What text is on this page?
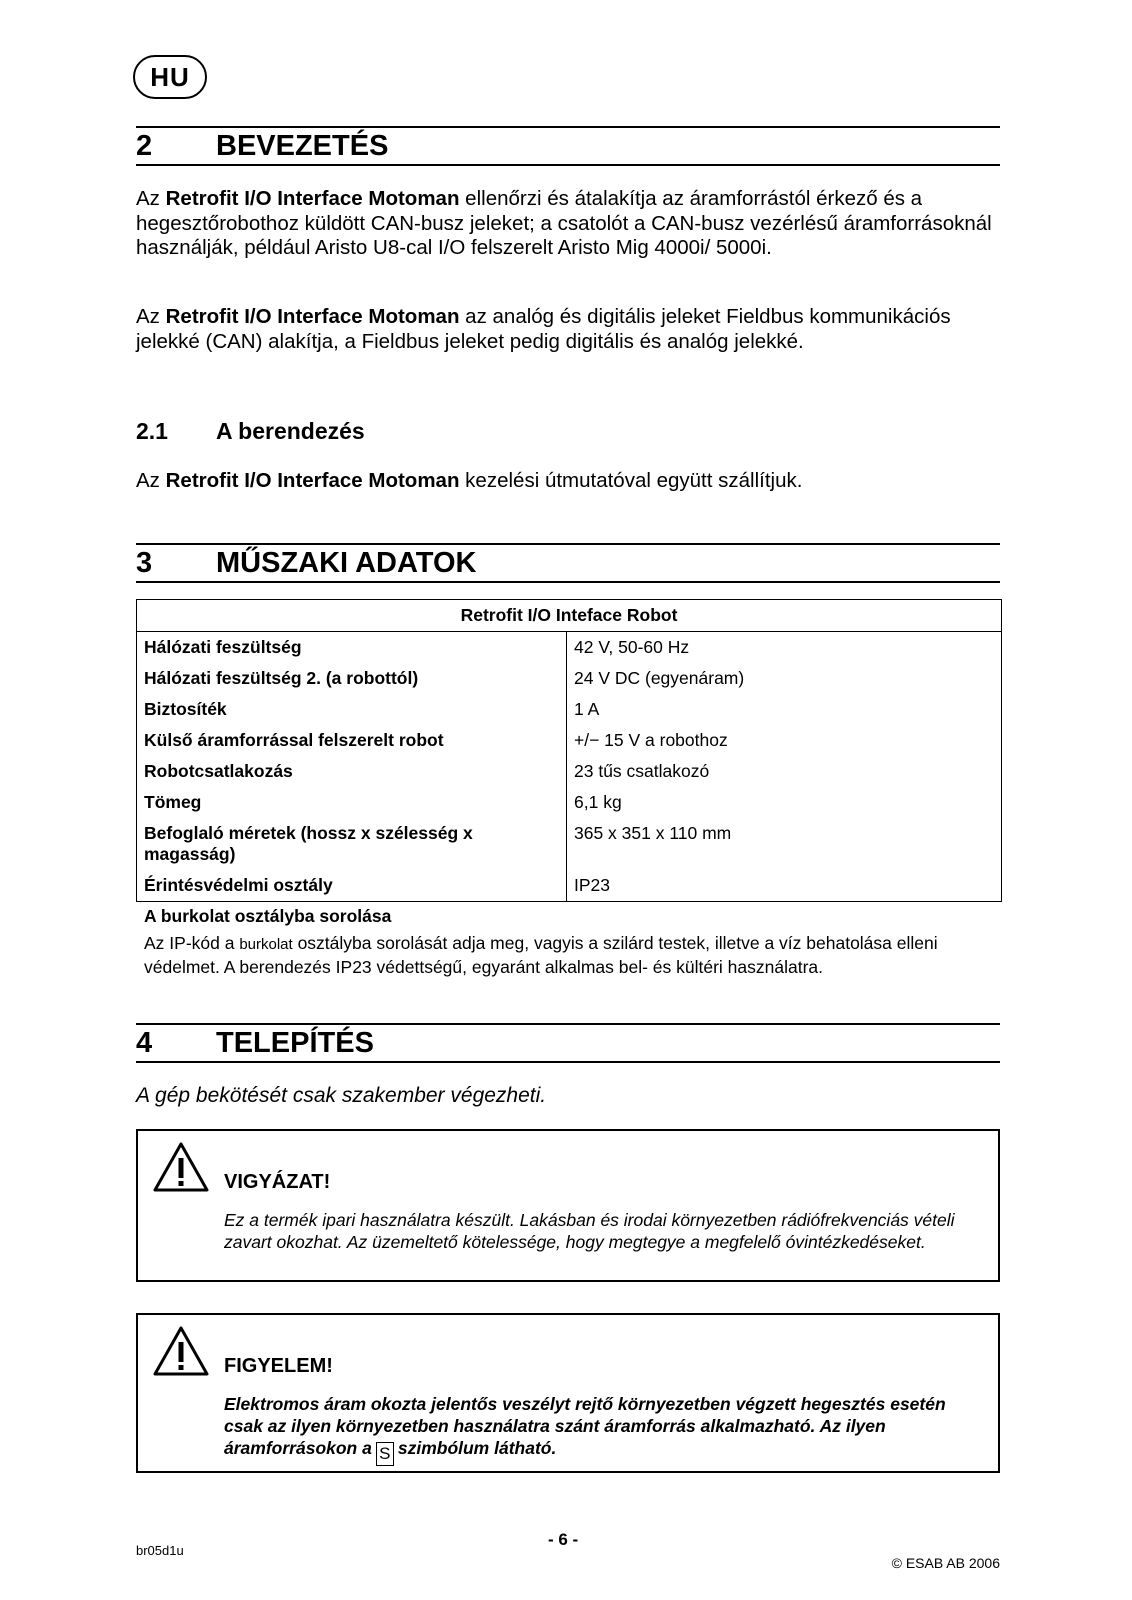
HU
2 BEVEZETÉS
Az Retrofit I/O Interface Motoman ellenőrzi és átalakítja az áramforrástól érkező és a hegesztőrobothoz küldött CAN-busz jeleket; a csatolót a CAN-busz vezérlésű áramforrásoknál használják, például Aristo U8-cal I/O felszerelt Aristo Mig 4000i/ 5000i.
Az Retrofit I/O Interface Motoman az analóg és digitális jeleket Fieldbus kommunikációs jelekké (CAN) alakítja, a Fieldbus jeleket pedig digitális és analóg jelekké.
2.1 A berendezés
Az Retrofit I/O Interface Motoman kezelési útmutatóval együtt szállítjuk.
3 MŰSZAKI ADATOK
Retrofit I/O Inteface Robot	
Hálózati feszültség	42 V, 50-60 Hz
Hálózati feszültség 2. (a robottól)	24 V DC (egyenáram)
Biztosíték	1 A
Külső áramforrással felszerelt robot	+/− 15 V a robothoz
Robotcsatlakozás	23 tűs csatlakozó
Tömeg	6,1 kg
Befoglaló méretek (hossz x szélesség x magasság)	365 x 351 x 110 mm
Érintésvédelmi osztály	IP23
A burkolat osztályba sorolása
Az IP-kód a burkolat osztályba sorolását adja meg, vagyis a szilárd testek, illetve a víz behatolása elleni védelmet. A berendezés IP23 védettségű, egyaránt alkalmas bel- és kültéri használatra.
4 TELEPÍTÉS
A gép bekötését csak szakember végezheti.
VIGYÁZAT!
Ez a termék ipari használatra készült. Lakásban és irodai környezetben rádiófrekvenciás vételi zavart okozhat. Az üzemeltető kötelessége, hogy megtegye a megfelelő óvintézkedéseket.
FIGYELEM!
Elektromos áram okozta jelentős veszélyt rejtő környezetben végzett hegesztés esetén csak az ilyen környezetben használatra szánt áramforrás alkalmazható. Az ilyen áramforrásokon a S szimbólum látható.
br05d1u
- 6 -
© ESAB AB 2006
